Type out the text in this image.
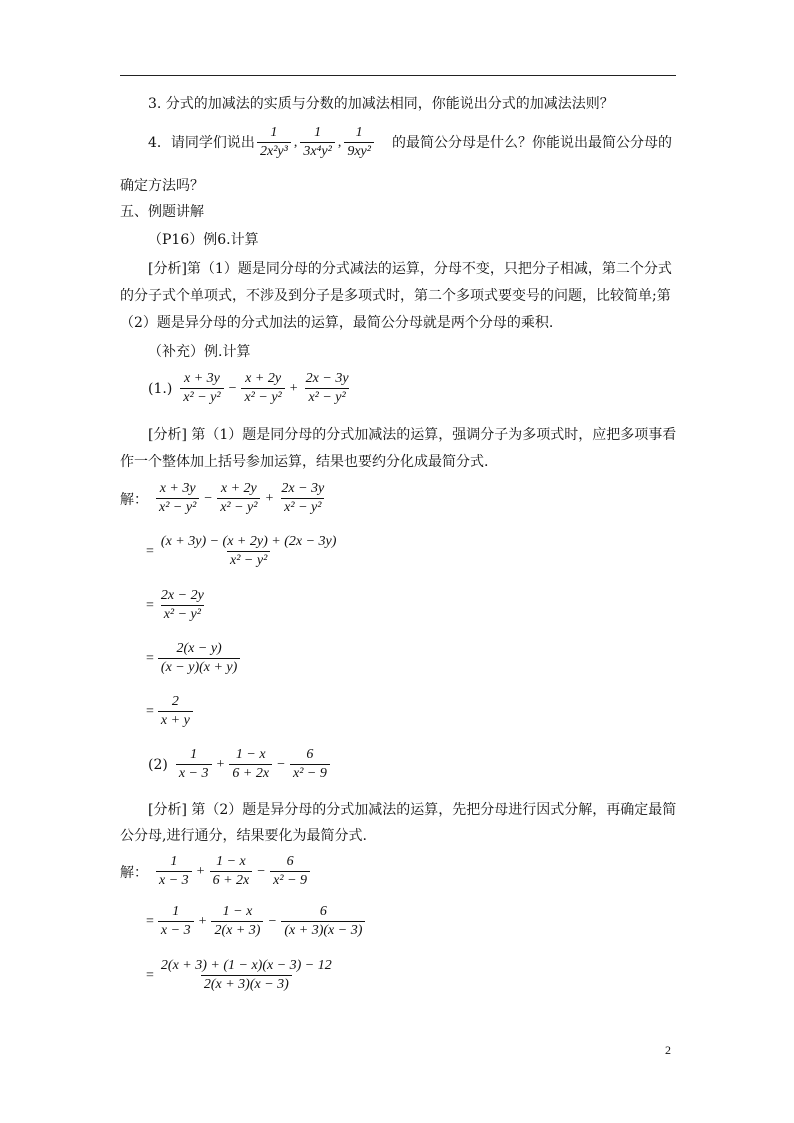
3. 分式的加减法的实质与分数的加减法相同，你能说出分式的加减法法则？
4．请同学们说出 $\frac{1}{\text{2x²y³}}$ , $\frac{1}{\text{3x⁴y²}}$ , $\frac{1}{\text{9xy²}}$ 的最简公分母是什么？你能说出最简公分母的
确定方法吗？
五、例题讲解
（P16）例6.计算
[分析]第（1）题是同分母的分式减法的运算，分母不变，只把分子相减，第二个分式
的分子式个单项式，不涉及到分子是多项式时，第二个多项式要变号的问题，比较简单;第
（2）题是异分母的分式加法的运算，最简公分母就是两个分母的乘积.
（补充）例.计算
$(1.) \frac{x + 3y}{\text{x² − y²}} - \frac{x + 2y}{\text{x² − y²}} + \frac{2x - 3y}{\text{x² − y²}}$
[分析] 第（1）题是同分母的分式加减法的运算，强调分子为多项式时，应把多项事看
作一个整体加上括号参加运算，结果也要约分化成最简分式.
解： $\frac{x + 3y}{\text{x² − y²}} - \frac{x + 2y}{\text{x² − y²}} + \frac{2x - 3y}{\text{x² − y²}}$
= $\frac{(x + 3y) - (x + 2y) + (2x - 3y)}{\text{x² − y²}}$
= $\frac{2x - 2y}{\text{x² − y²}}$
= $\frac{2(x - y)}{(x - y)(x + y)}$
= $\frac{2}{x + y}$
$(2) \frac{1}{x - 3} + \frac{1 - x}{6 + 2x} - \frac{6}{\text{x² − 9}}$
[分析] 第（2）题是异分母的分式加减法的运算，先把分母进行因式分解，再确定最简
公分母,进行通分，结果要化为最简分式.
解： $\frac{1}{x - 3} + \frac{1 - x}{6 + 2x} - \frac{6}{\text{x² − 9}}$
= $\frac{1}{x - 3} + \frac{1 - x}{2(x + 3)} - \frac{6}{(x + 3)(x - 3)}$
= $\frac{2(x + 3) + (1 - x)(x - 3) - 12}{2(x + 3)(x - 3)}$
2
